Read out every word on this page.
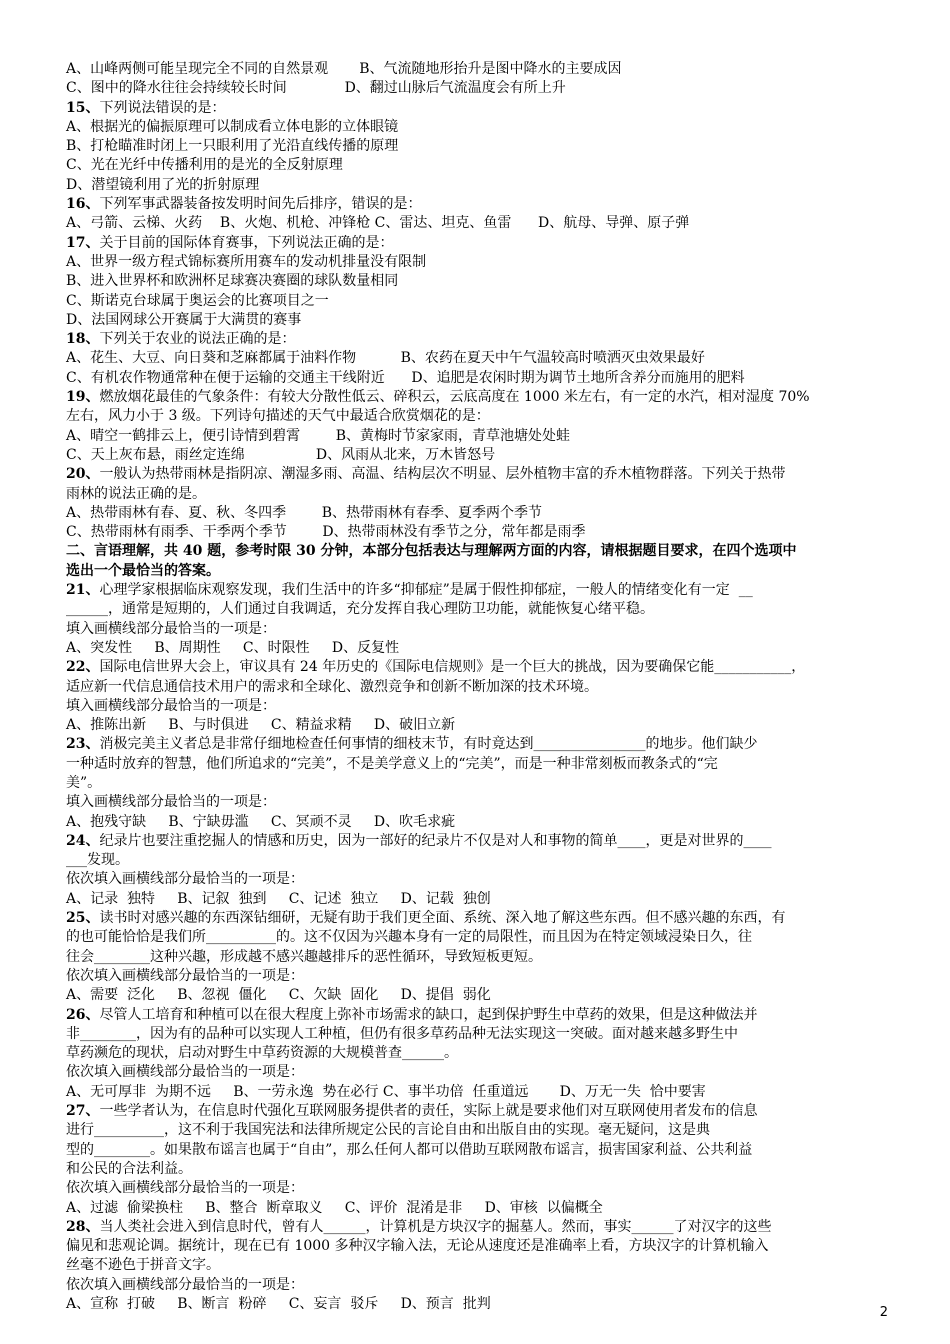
A、山峰两侧可能呈现完全不同的自然景观       B、气流随地形抬升是图中降水的主要成因

C、图中的降水往往会持续较长时间             D、翻过山脉后气流温度会有所上升

15、下列说法错误的是：

A、根据光的偏振原理可以制成看立体电影的立体眼镜

B、打枪瞄准时闭上一只眼利用了光沿直线传播的原理

C、光在光纤中传播利用的是光的全反射原理

D、潜望镜利用了光的折射原理

16、下列军事武器装备按发明时间先后排序，错误的是：

A、弓箭、云梯、火药    B、火炮、机枪、冲锋枪 C、雷达、坦克、鱼雷      D、航母、导弹、原子弹

17、关于目前的国际体育赛事，下列说法正确的是：

A、世界一级方程式锦标赛所用赛车的发动机排量没有限制

B、进入世界杯和欧洲杯足球赛决赛圈的球队数量相同

C、斯诺克台球属于奥运会的比赛项目之一

D、法国网球公开赛属于大满贯的赛事

18、下列关于农业的说法正确的是：

A、花生、大豆、向日葵和芝麻都属于油料作物          B、农药在夏天中午气温较高时喷洒灭虫效果最好

C、有机农作物通常种在便于运输的交通主干线附近      D、追肥是农闲时期为调节土地所含养分而施用的肥料

19、燃放烟花最佳的气象条件：有较大分散性低云、碎积云，云底高度在 1000 米左右，有一定的水汽，相对湿度 70%

左右，风力小于 3 级。下列诗句描述的天气中最适合欣赏烟花的是：

A、晴空一鹤排云上，便引诗情到碧霄        B、黄梅时节家家雨，青草池塘处处蛙

C、天上灰布悬，雨丝定连绵                D、风雨从北来，万木皆怒号

20、一般认为热带雨林是指阴凉、潮湿多雨、高温、结构层次不明显、层外植物丰富的乔木植物群落。下列关于热带

雨林的说法正确的是。

A、热带雨林有春、夏、秋、冬四季        B、热带雨林有春季、夏季两个季节

C、热带雨林有雨季、干季两个季节        D、热带雨林没有季节之分，常年都是雨季

二、言语理解，共 40 题，参考时限 30 分钟，本部分包括表达与理解两方面的内容，请根据题目要求，在四个选项中

选出一个最恰当的答案。

21、心理学家根据临床观察发现，我们生活中的许多“抑郁症”是属于假性抑郁症，一般人的情绪变化有一定  __

______，通常是短期的，人们通过自我调适，充分发挥自我心理防卫功能，就能恢复心绪平稳。

填入画横线部分最恰当的一项是：

A、突发性     B、周期性     C、时限性     D、反复性

22、国际电信世界大会上，审议具有 24 年历史的《国际电信规则》是一个巨大的挑战，因为要确保它能___________，

适应新一代信息通信技术用户的需求和全球化、激烈竞争和创新不断加深的技术环境。

填入画横线部分最恰当的一项是：

A、推陈出新     B、与时俱进     C、精益求精     D、破旧立新

23、消极完美主义者总是非常仔细地检查任何事情的细枝末节，有时竟达到________________的地步。他们缺少

一种适时放弃的智慧，他们所追求的“完美”，不是美学意义上的“完美”，而是一种非常刻板而教条式的“完

美”。

填入画横线部分最恰当的一项是：

A、抱残守缺     B、宁缺毋滥     C、冥顽不灵     D、吹毛求疵

24、纪录片也要注重挖掘人的情感和历史，因为一部好的纪录片不仅是对人和事物的简单____，更是对世界的____

___发现。

依次填入画横线部分最恰当的一项是：

A、记录  独特     B、记叙  独到     C、记述  独立     D、记载  独创

25、读书时对感兴趣的东西深钻细研，无疑有助于我们更全面、系统、深入地了解这些东西。但不感兴趣的东西，有

的也可能恰恰是我们所__________的。这不仅因为兴趣本身有一定的局限性，而且因为在特定领域浸染日久，往

往会________这种兴趣，形成越不感兴趣越排斥的恶性循环，导致短板更短。

依次填入画横线部分最恰当的一项是：

A、需要  泛化     B、忽视  僵化     C、欠缺  固化     D、提倡  弱化

26、尽管人工培育和种植可以在很大程度上弥补市场需求的缺口，起到保护野生中草药的效果，但是这种做法并

非________，因为有的品种可以实现人工种植，但仍有很多草药品种无法实现这一突破。面对越来越多野生中

草药濒危的现状，启动对野生中草药资源的大规模普查______。

依次填入画横线部分最恰当的一项是：

A、无可厚非  为期不远     B、一劳永逸  势在必行 C、事半功倍  任重道远       D、万无一失  恰中要害

27、一些学者认为，在信息时代强化互联网服务提供者的责任，实际上就是要求他们对互联网使用者发布的信息

进行__________，这不利于我国宪法和法律所规定公民的言论自由和出版自由的实现。毫无疑问，这是典

型的________。如果散布谣言也属于“自由”，那么任何人都可以借助互联网散布谣言，损害国家利益、公共利益

和公民的合法利益。

依次填入画横线部分最恰当的一项是：

A、过滤  偷梁换柱     B、整合  断章取义     C、评价  混淆是非     D、审核  以偏概全

28、当人类社会进入到信息时代，曾有人______，计算机是方块汉字的掘墓人。然而，事实______了对汉字的这些

偏见和悲观论调。据统计，现在已有 1000 多种汉字输入法，无论从速度还是准确率上看，方块汉字的计算机输入

丝毫不逊色于拼音文字。

依次填入画横线部分最恰当的一项是：

A、宣称  打破     B、断言  粉碎     C、妄言  驳斥     D、预言  批判

2
